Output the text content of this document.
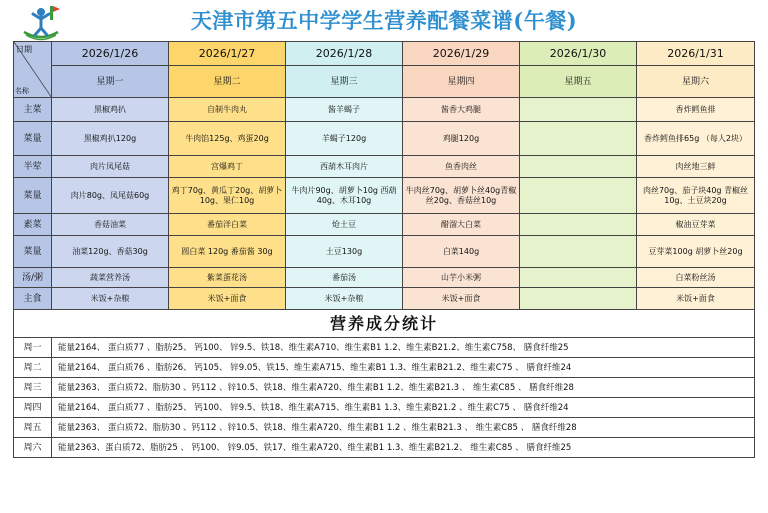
天津市第五中学学生营养配餐菜谱(午餐)
日期
名称	2026/1/26	2026/1/27	2026/1/28	2026/1/29	2026/1/30	2026/1/31
	星期一	星期二	星期三	星期四	星期五	星期六
主菜	黑椒鸡扒	自制牛肉丸	酱羊蝎子	酱香大鸡腿		香炸鳕鱼排
菜量	黑椒鸡扒120g	牛肉馅125g、鸡蛋20g	羊蝎子120g	鸡腿120g		香炸鳕鱼排65g （每人2块）
半荤	肉片凤尾菇	宫爆鸡丁	西葫木耳肉片	鱼香肉丝		肉丝地三鲜
菜量	肉片80g、凤尾菇60g	鸡丁70g、黄瓜丁20g、胡萝卜10g、果仁10g	牛肉片90g、胡萝卜10g 西葫40g、木耳10g	牛肉丝70g、胡萝卜丝40g青椒丝20g、香菇丝10g		肉丝70g、茄子块40g 青椒丝10g、土豆块20g
素菜	香菇油菜	番茄洋白菜	炝土豆	醋溜大白菜		椒油豆芽菜
菜量	油菜120g、香菇30g	圆白菜 120g 番茄酱 30g	土豆130g	白菜140g		豆芽菜100g 胡萝卜丝20g
汤/粥	蔬菜营养汤	紫菜蛋花汤	番茄汤	山芋小米粥		白菜粉丝汤
主食	米饭+杂粮	米饭+面食	米饭+杂粮	米饭+面食		米饭+面食
营养成分统计						
周一	能量2164、 蛋白质77 、脂肪25、 钙100、 锌9.5、铁18、维生素A710、维生素B1 1.2、维生素B21.2、维生素C758、 膳食纤维25					
周二	能量2164、 蛋白质76 、脂肪26、 钙105、 锌9.05、铁15、维生素A715、维生素B1 1.3、维生素B21.2、维生素C75 、 膳食纤维24					
周三	能量2363、 蛋白质72、脂肪30 、钙112 、锌10.5、铁18、维生素A720、维生素B1 1.2、维生素B21.3 、 维生素C85 、 膳食纤维28					
周四	能量2164、 蛋白质77 、脂肪25、 钙100、 锌9.5、铁18、维生素A715、维生素B1 1.3、维生素B21.2 、维生素C75 、 膳食纤维24					
周五	能量2363、 蛋白质72、脂肪30 、钙112 、锌10.5、铁18、维生素A720、维生素B1 1.2 、维生素B21.3 、 维生素C85 、 膳食纤维28					
周六	能量2363、蛋白质72、脂肪25 、 钙100、 锌9.05、铁17、维生素A720、维生素B1 1.3、维生素B21.2、 维生素C85 、 膳食纤维25					
